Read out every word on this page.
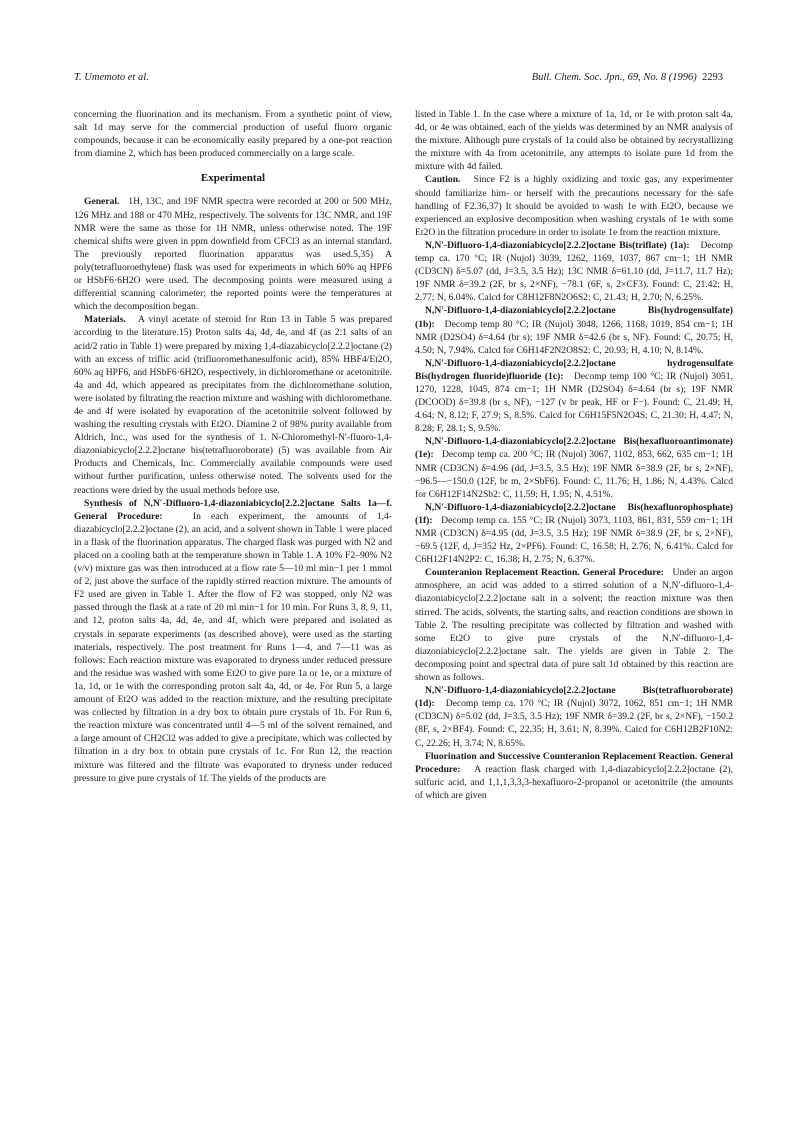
T. Umemoto et al.	Bull. Chem. Soc. Jpn., 69, No. 8 (1996) 2293

concerning the fluorination and its mechanism. From a synthetic point of view, salt 1d may serve for the commercial production of useful fluoro organic compounds, because it can be economically easily prepared by a one-pot reaction from diamine 2, which has been produced commercially on a large scale.

Experimental

General. 1H, 13C, and 19F NMR spectra were recorded at 200 or 500 MHz, 126 MHz and 188 or 470 MHz, respectively. The solvents for 13C NMR, and 19F NMR were the same as those for 1H NMR, unless otherwise noted. The 19F chemical shifts were given in ppm downfield from CFCl3 as an internal standard. The previously reported fluorination apparatus was used.5,35) A poly(tetrafluoroethylene) flask was used for experiments in which 60% aq HPF6 or HSbF6·6H2O were used. The decomposing points were measured using a differential scanning calorimeter; the reported points were the temperatures at which the decomposition began.

Materials. A vinyl acetate of steroid for Run 13 in Table 5 was prepared according to the literature.15) Proton salts 4a, 4d, 4e, and 4f (as 2:1 salts of an acid/2 ratio in Table 1) were prepared by mixing 1,4-diazabicyclo[2.2.2]octane (2) with an excess of triflic acid (trifluoromethanesulfonic acid), 85% HBF4/Et2O, 60% aq HPF6, and HSbF6·6H2O, respectively, in dichloromethane or acetonitrile. 4a and 4d, which appeared as precipitates from the dichloromethane solution, were isolated by filtrating the reaction mixture and washing with dichloromethane. 4e and 4f were isolated by evaporation of the acetonitrile solvent followed by washing the resulting crystals with Et2O. Diamine 2 of 98% purity available from Aldrich, Inc., was used for the synthesis of 1. N-Chloromethyl-N′-fluoro-1,4-diazoniabicyclo[2.2.2]octane bis(tetrafluoroborate) (5) was available from Air Products and Chemicals, Inc. Commercially available compounds were used without further purification, unless otherwise noted. The solvents used for the reactions were dried by the usual methods before use.

Synthesis of N,N′-Difluoro-1,4-diazoniabicyclo[2.2.2]octane Salts 1a—f. General Procedure:	In each experiment, the amounts of 1,4-diazabicyclo[2.2.2]octane (2), an acid, and a solvent shown in Table 1 were placed in a flask of the fluorination apparatus. The charged flask was purged with N2 and placed on a cooling bath at the temperature shown in Table 1. A 10% F2–90% N2 (v/v) mixture gas was then introduced at a flow rate 5—10 ml min−1 per 1 mmol of 2, just above the surface of the rapidly stirred reaction mixture. The amounts of F2 used are given in Table 1. After the flow of F2 was stopped, only N2 was passed through the flask at a rate of 20 ml min−1 for 10 min. For Runs 3, 8, 9, 11, and 12, proton salts 4a, 4d, 4e, and 4f, which were prepared and isolated as crystals in separate experiments (as described above), were used as the starting materials, respectively. The post treatment for Runs 1—4, and 7—11 was as follows: Each reaction mixture was evaporated to dryness under reduced pressure and the residue was washed with some Et2O to give pure 1a or 1e, or a mixture of 1a, 1d, or 1e with the corresponding proton salt 4a, 4d, or 4e. For Run 5, a large amount of Et2O was added to the reaction mixture, and the resulting precipitate was collected by filtration in a dry box to obtain pure crystals of 1b. For Run 6, the reaction mixture was concentrated until 4—5 ml of the solvent remained, and a large amount of CH2Cl2 was added to give a precipitate, which was collected by filtration in a dry box to obtain pure crystals of 1c. For Run 12, the reaction mixture was filtered and the filtrate was evaporated to dryness under reduced pressure to give pure crystals of 1f. The yields of the products are

listed in Table 1. In the case where a mixture of 1a, 1d, or 1e with proton salt 4a, 4d, or 4e was obtained, each of the yields was determined by an NMR analysis of the mixture. Although pure crystals of 1a could also be obtained by recrystallizing the mixture with 4a from acetonitrile, any attempts to isolate pure 1d from the mixture with 4d failed.

Caution. Since F2 is a highly oxidizing and toxic gas, any experimenter should familiarize him- or herself with the precautions necessary for the safe handling of F2.36,37) It should be avoided to wash 1e with Et2O, because we experienced an explosive decomposition when washing crystals of 1e with some Et2O in the filtration procedure in order to isolate 1e from the reaction mixture.

N,N′-Difluoro-1,4-diazoniabicyclo[2.2.2]octane Bis(triflate) (1a): Decomp temp ca. 170 °C; IR (Nujol) 3039, 1262, 1169, 1037, 867 cm−1; 1H NMR (CD3CN) δ=5.07 (dd, J=3.5, 3.5 Hz); 13C NMR δ=61.10 (dd, J=11.7, 11.7 Hz); 19F NMR δ=39.2 (2F, br s, 2×NF), −78.1 (6F, s, 2×CF3). Found: C, 21.42; H, 2.77; N, 6.04%. Calcd for C8H12F8N2O6S2: C, 21.43; H, 2.70; N, 6.25%.

N,N′-Difluoro-1,4-diazoniabicyclo[2.2.2]octane Bis(hydrogensulfate) (1b): Decomp temp 80 °C; IR (Nujol) 3048, 1266, 1168, 1019, 854 cm−1; 1H NMR (D2SO4) δ=4.64 (br s); 19F NMR δ=42.6 (br s, NF). Found: C, 20.75; H, 4.50; N, 7.94%. Calcd for C6H14F2N2O8S2: C, 20.93; H, 4.10; N, 8.14%.

N,N′-Difluoro-1,4-diazoniabicyclo[2.2.2]octane hydrogensulfate Bis(hydrogen fluoride)fluoride (1c): Decomp temp 100 °C; IR (Nujol) 3051, 1270, 1228, 1045, 874 cm−1; 1H NMR (D2SO4) δ=4.64 (br s); 19F NMR (DCOOD) δ=39.8 (br s, NF), −127 (v br peak, HF or F−). Found: C, 21.49; H, 4.64; N, 8.12; F, 27.9; S, 8.5%. Calcd for C6H15F5N2O4S: C, 21.30; H, 4.47; N, 8.28; F, 28.1; S, 9.5%.

N,N′-Difluoro-1,4-diazoniabicyclo[2.2.2]octane Bis(hexafluoroantimonate) (1e): Decomp temp ca. 200 °C; IR (Nujol) 3067, 1102, 853, 662, 635 cm−1; 1H NMR (CD3CN) δ=4.96 (dd, J=3.5, 3.5 Hz); 19F NMR δ=38.9 (2F, br s, 2×NF), −96.5—−150.0 (12F, br m, 2×SbF6). Found: C, 11.76; H, 1.86; N, 4.43%. Calcd for C6H12F14N2Sb2: C, 11.59; H, 1.95; N, 4.51%.

N,N′-Difluoro-1,4-diazoniabicyclo[2.2.2]octane Bis(hexafluorophosphate) (1f): Decomp temp ca. 155 °C; IR (Nujol) 3073, 1103, 861, 831, 559 cm−1; 1H NMR (CD3CN) δ=4.95 (dd, J=3.5, 3.5 Hz); 19F NMR δ=38.9 (2F, br s, 2×NF), −69.5 (12F, d, J=352 Hz, 2×PF6). Found: C, 16.58; H, 2.76; N, 6.41%. Calcd for C6H12F14N2P2: C, 16.38; H, 2.75; N, 6.37%.

Counteranion Replacement Reaction. General Procedure: Under an argon atmosphere, an acid was added to a stirred solution of a N,N′-difluoro-1,4-diazoniabicyclo[2.2.2]octane salt in a solvent; the reaction mixture was then stirred. The acids, solvents, the starting salts, and reaction conditions are shown in Table 2. The resulting precipitate was collected by filtration and washed with some Et2O to give pure crystals of the N,N′-difluoro-1,4-diazoniabicyclo[2.2.2]octane salt. The yields are given in Table 2. The decomposing point and spectral data of pure salt 1d obtained by this reaction are shown as follows.

N,N′-Difluoro-1,4-diazoniabicyclo[2.2.2]octane Bis(tetrafluoroborate) (1d): Decomp temp ca. 170 °C; IR (Nujol) 3072, 1062, 851 cm−1; 1H NMR (CD3CN) δ=5.02 (dd, J=3.5, 3.5 Hz); 19F NMR δ=39.2 (2F, br s, 2×NF), −150.2 (8F, s, 2×BF4). Found: C, 22.35; H, 3.61; N, 8.39%. Calcd for C6H12B2F10N2: C, 22.26; H, 3.74; N, 8.65%.

Fluorination and Successive Counteranion Replacement Reaction. General Procedure: A reaction flask charged with 1,4-diazabicyclo[2.2.2]octane (2), sulfuric acid, and 1,1,1,3,3,3-hexafluoro-2-propanol or acetonitrile (the amounts of which are given
